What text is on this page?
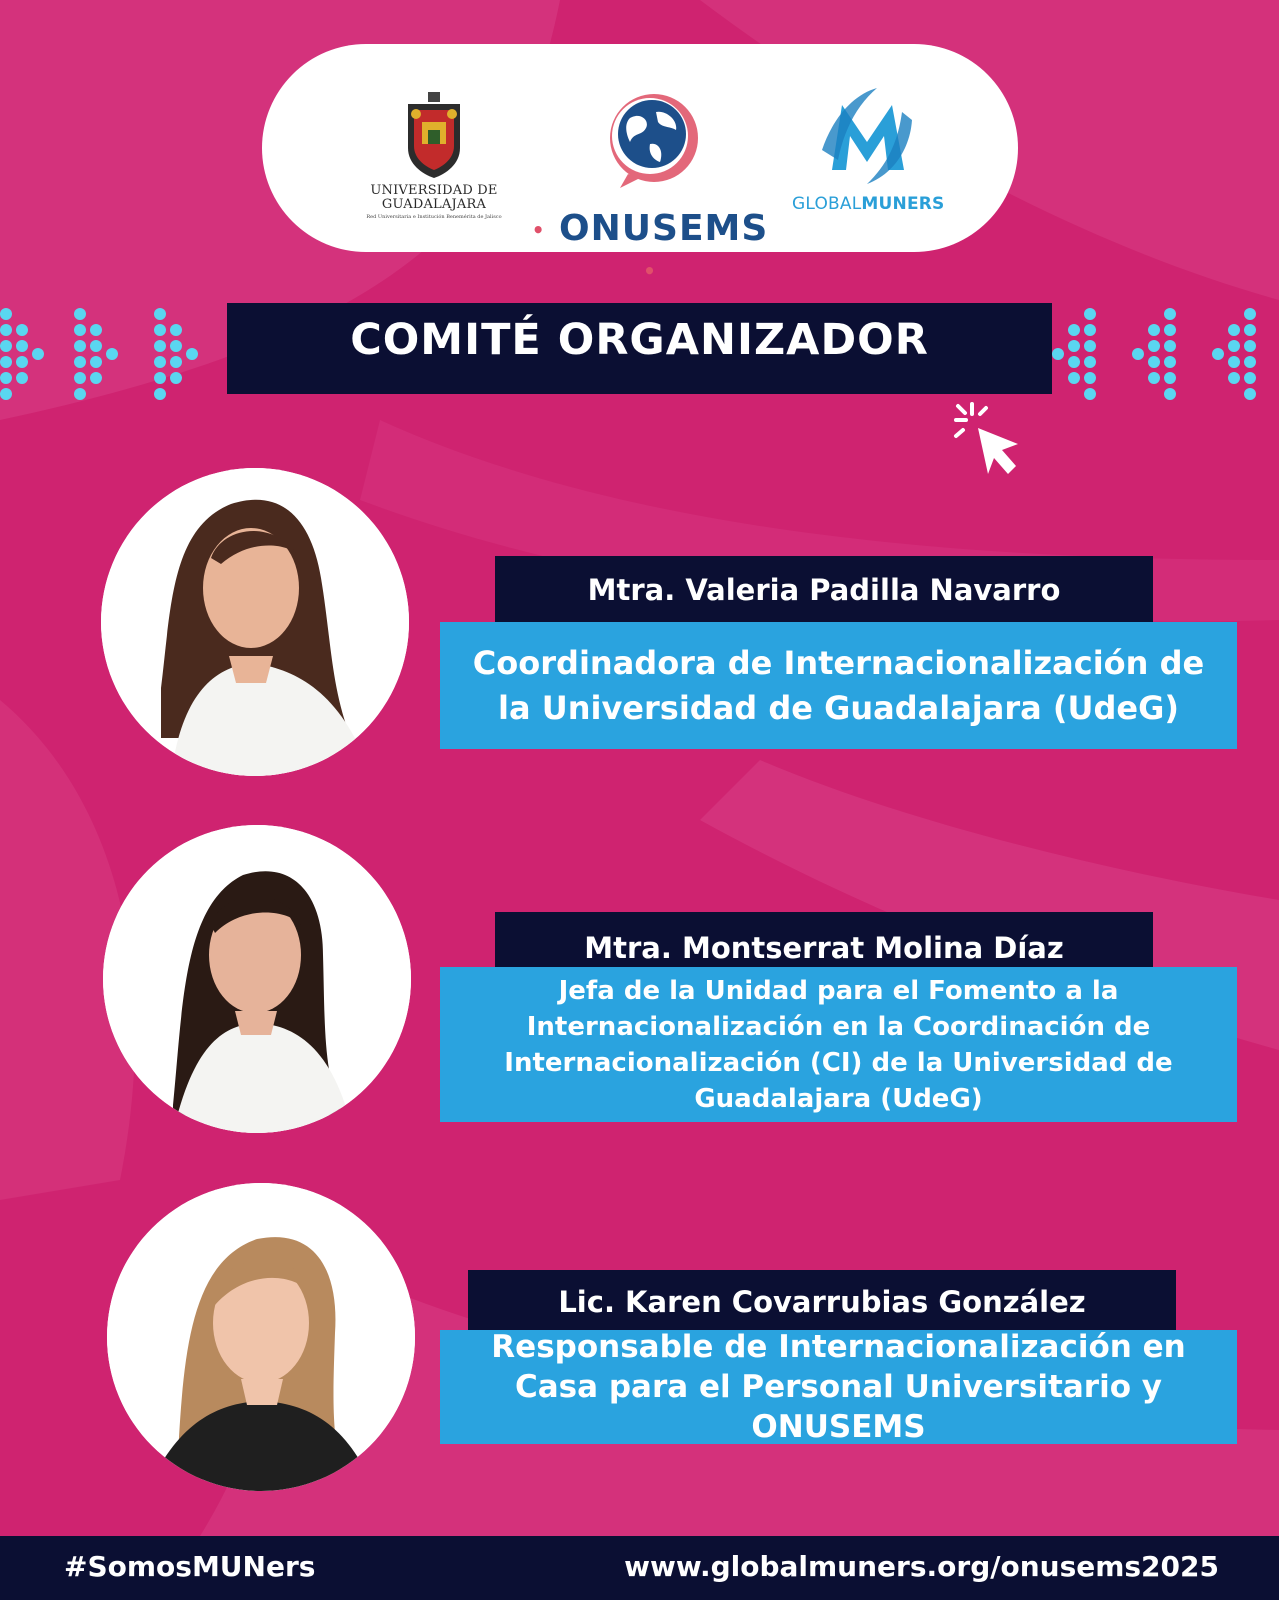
UNIVERSIDAD DE
GUADALAJARA
Red Universitaria e Institución Benemérita de Jalisco
• ONUSEMS •
GLOBALMUNERS
COMITÉ ORGANIZADOR
Mtra. Valeria Padilla Navarro
Coordinadora de Internacionalización de la Universidad de Guadalajara (UdeG)
Mtra. Montserrat Molina Díaz
Jefa de la Unidad para el Fomento a la Internacionalización en la Coordinación de Internacionalización (CI) de la Universidad de Guadalajara (UdeG)
Lic. Karen Covarrubias González
Responsable de Internacionalización en Casa para el Personal Universitario y ONUSEMS
#SomosMUNers	www.globalmuners.org/onusems2025
